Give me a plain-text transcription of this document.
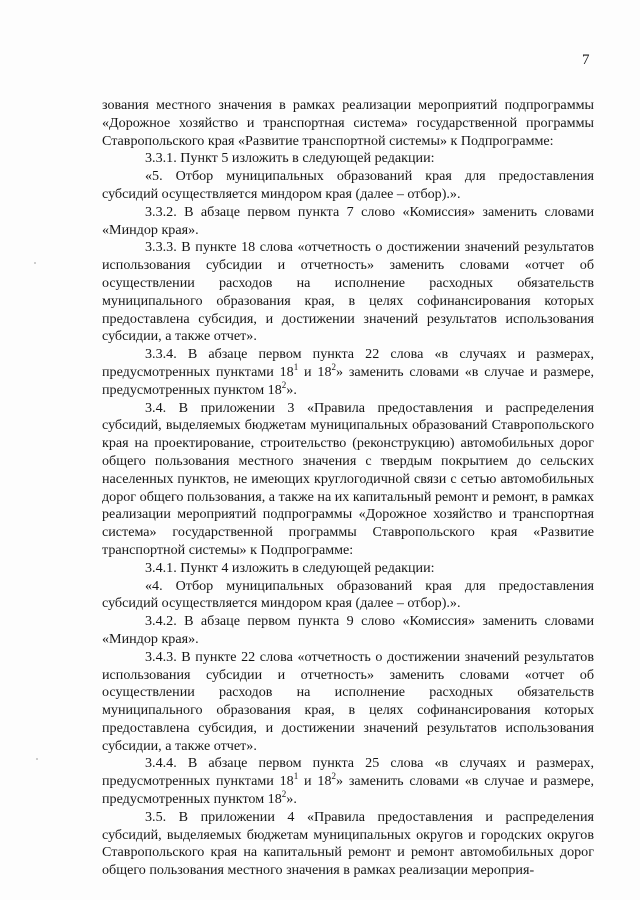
7

зования местного значения в рамках реализации мероприятий подпрограммы «Дорожное хозяйство и транспортная система» государственной программы Ставропольского края «Развитие транспортной системы» к Подпрограмме:

3.3.1. Пункт 5 изложить в следующей редакции:

«5. Отбор муниципальных образований края для предоставления субсидий осуществляется миндором края (далее – отбор).».

3.3.2. В абзаце первом пункта 7 слово «Комиссия» заменить словами «Миндор края».

3.3.3. В пункте 18 слова «отчетность о достижении значений результатов использования субсидии и отчетность» заменить словами «отчет об осуществлении расходов на исполнение расходных обязательств муниципального образования края, в целях софинансирования которых предоставлена субсидия, и достижении значений результатов использования субсидии, а также отчет».

3.3.4. В абзаце первом пункта 22 слова «в случаях и размерах, предусмотренных пунктами $18^1$ и $18^2$» заменить словами «в случае и размере, предусмотренных пунктом $18^2$».

3.4. В приложении 3 «Правила предоставления и распределения субсидий, выделяемых бюджетам муниципальных образований Ставропольского края на проектирование, строительство (реконструкцию) автомобильных дорог общего пользования местного значения с твердым покрытием до сельских населенных пунктов, не имеющих круглогодичной связи с сетью автомобильных дорог общего пользования, а также на их капитальный ремонт и ремонт, в рамках реализации мероприятий подпрограммы «Дорожное хозяйство и транспортная система» государственной программы Ставропольского края «Развитие транспортной системы» к Подпрограмме:

3.4.1. Пункт 4 изложить в следующей редакции:

«4. Отбор муниципальных образований края для предоставления субсидий осуществляется миндором края (далее – отбор).».

3.4.2. В абзаце первом пункта 9 слово «Комиссия» заменить словами «Миндор края».

3.4.3. В пункте 22 слова «отчетность о достижении значений результатов использования субсидии и отчетность» заменить словами «отчет об осуществлении расходов на исполнение расходных обязательств муниципального образования края, в целях софинансирования которых предоставлена субсидия, и достижении значений результатов использования субсидии, а также отчет».

3.4.4. В абзаце первом пункта 25 слова «в случаях и размерах, предусмотренных пунктами $18^1$ и $18^2$» заменить словами «в случае и размере, предусмотренных пунктом $18^2$».

3.5. В приложении 4 «Правила предоставления и распределения субсидий, выделяемых бюджетам муниципальных округов и городских округов Ставропольского края на капитальный ремонт и ремонт автомобильных дорог общего пользования местного значения в рамках реализации мероприя-
